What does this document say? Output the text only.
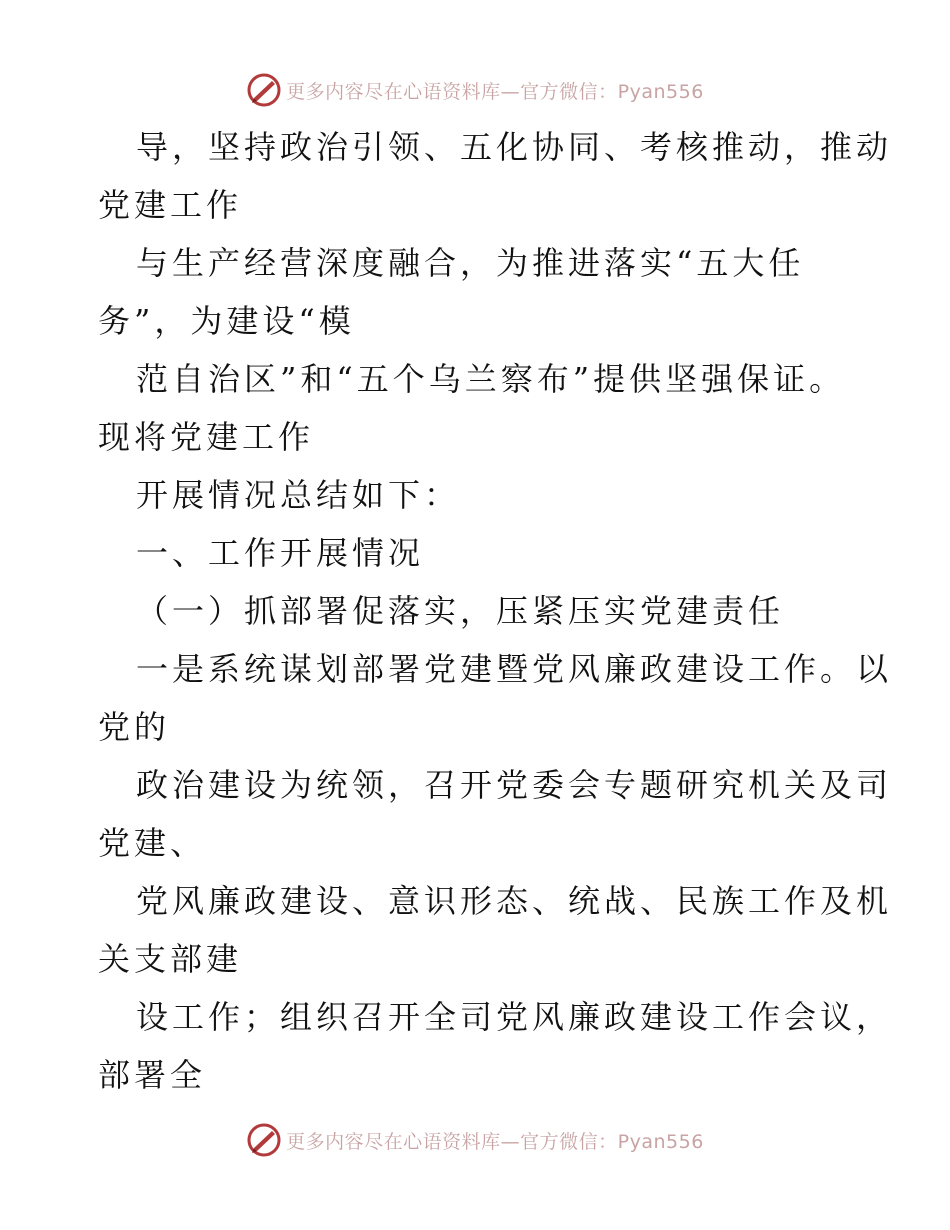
更多内容尽在心语资料库—官方微信：Pyan556
导，坚持政治引领、五化协同、考核推动，推动
党建工作
与生产经营深度融合，为推进落实“五大任
务”，为建设“模
范自治区”和“五个乌兰察布”提供坚强保证。
现将党建工作
开展情况总结如下：
一、工作开展情况
（一）抓部署促落实，压紧压实党建责任
一是系统谋划部署党建暨党风廉政建设工作。以
党的
政治建设为统领，召开党委会专题研究机关及司
党建、
党风廉政建设、意识形态、统战、民族工作及机
关支部建
设工作；组织召开全司党风廉政建设工作会议，
部署全
更多内容尽在心语资料库—官方微信：Pyan556
